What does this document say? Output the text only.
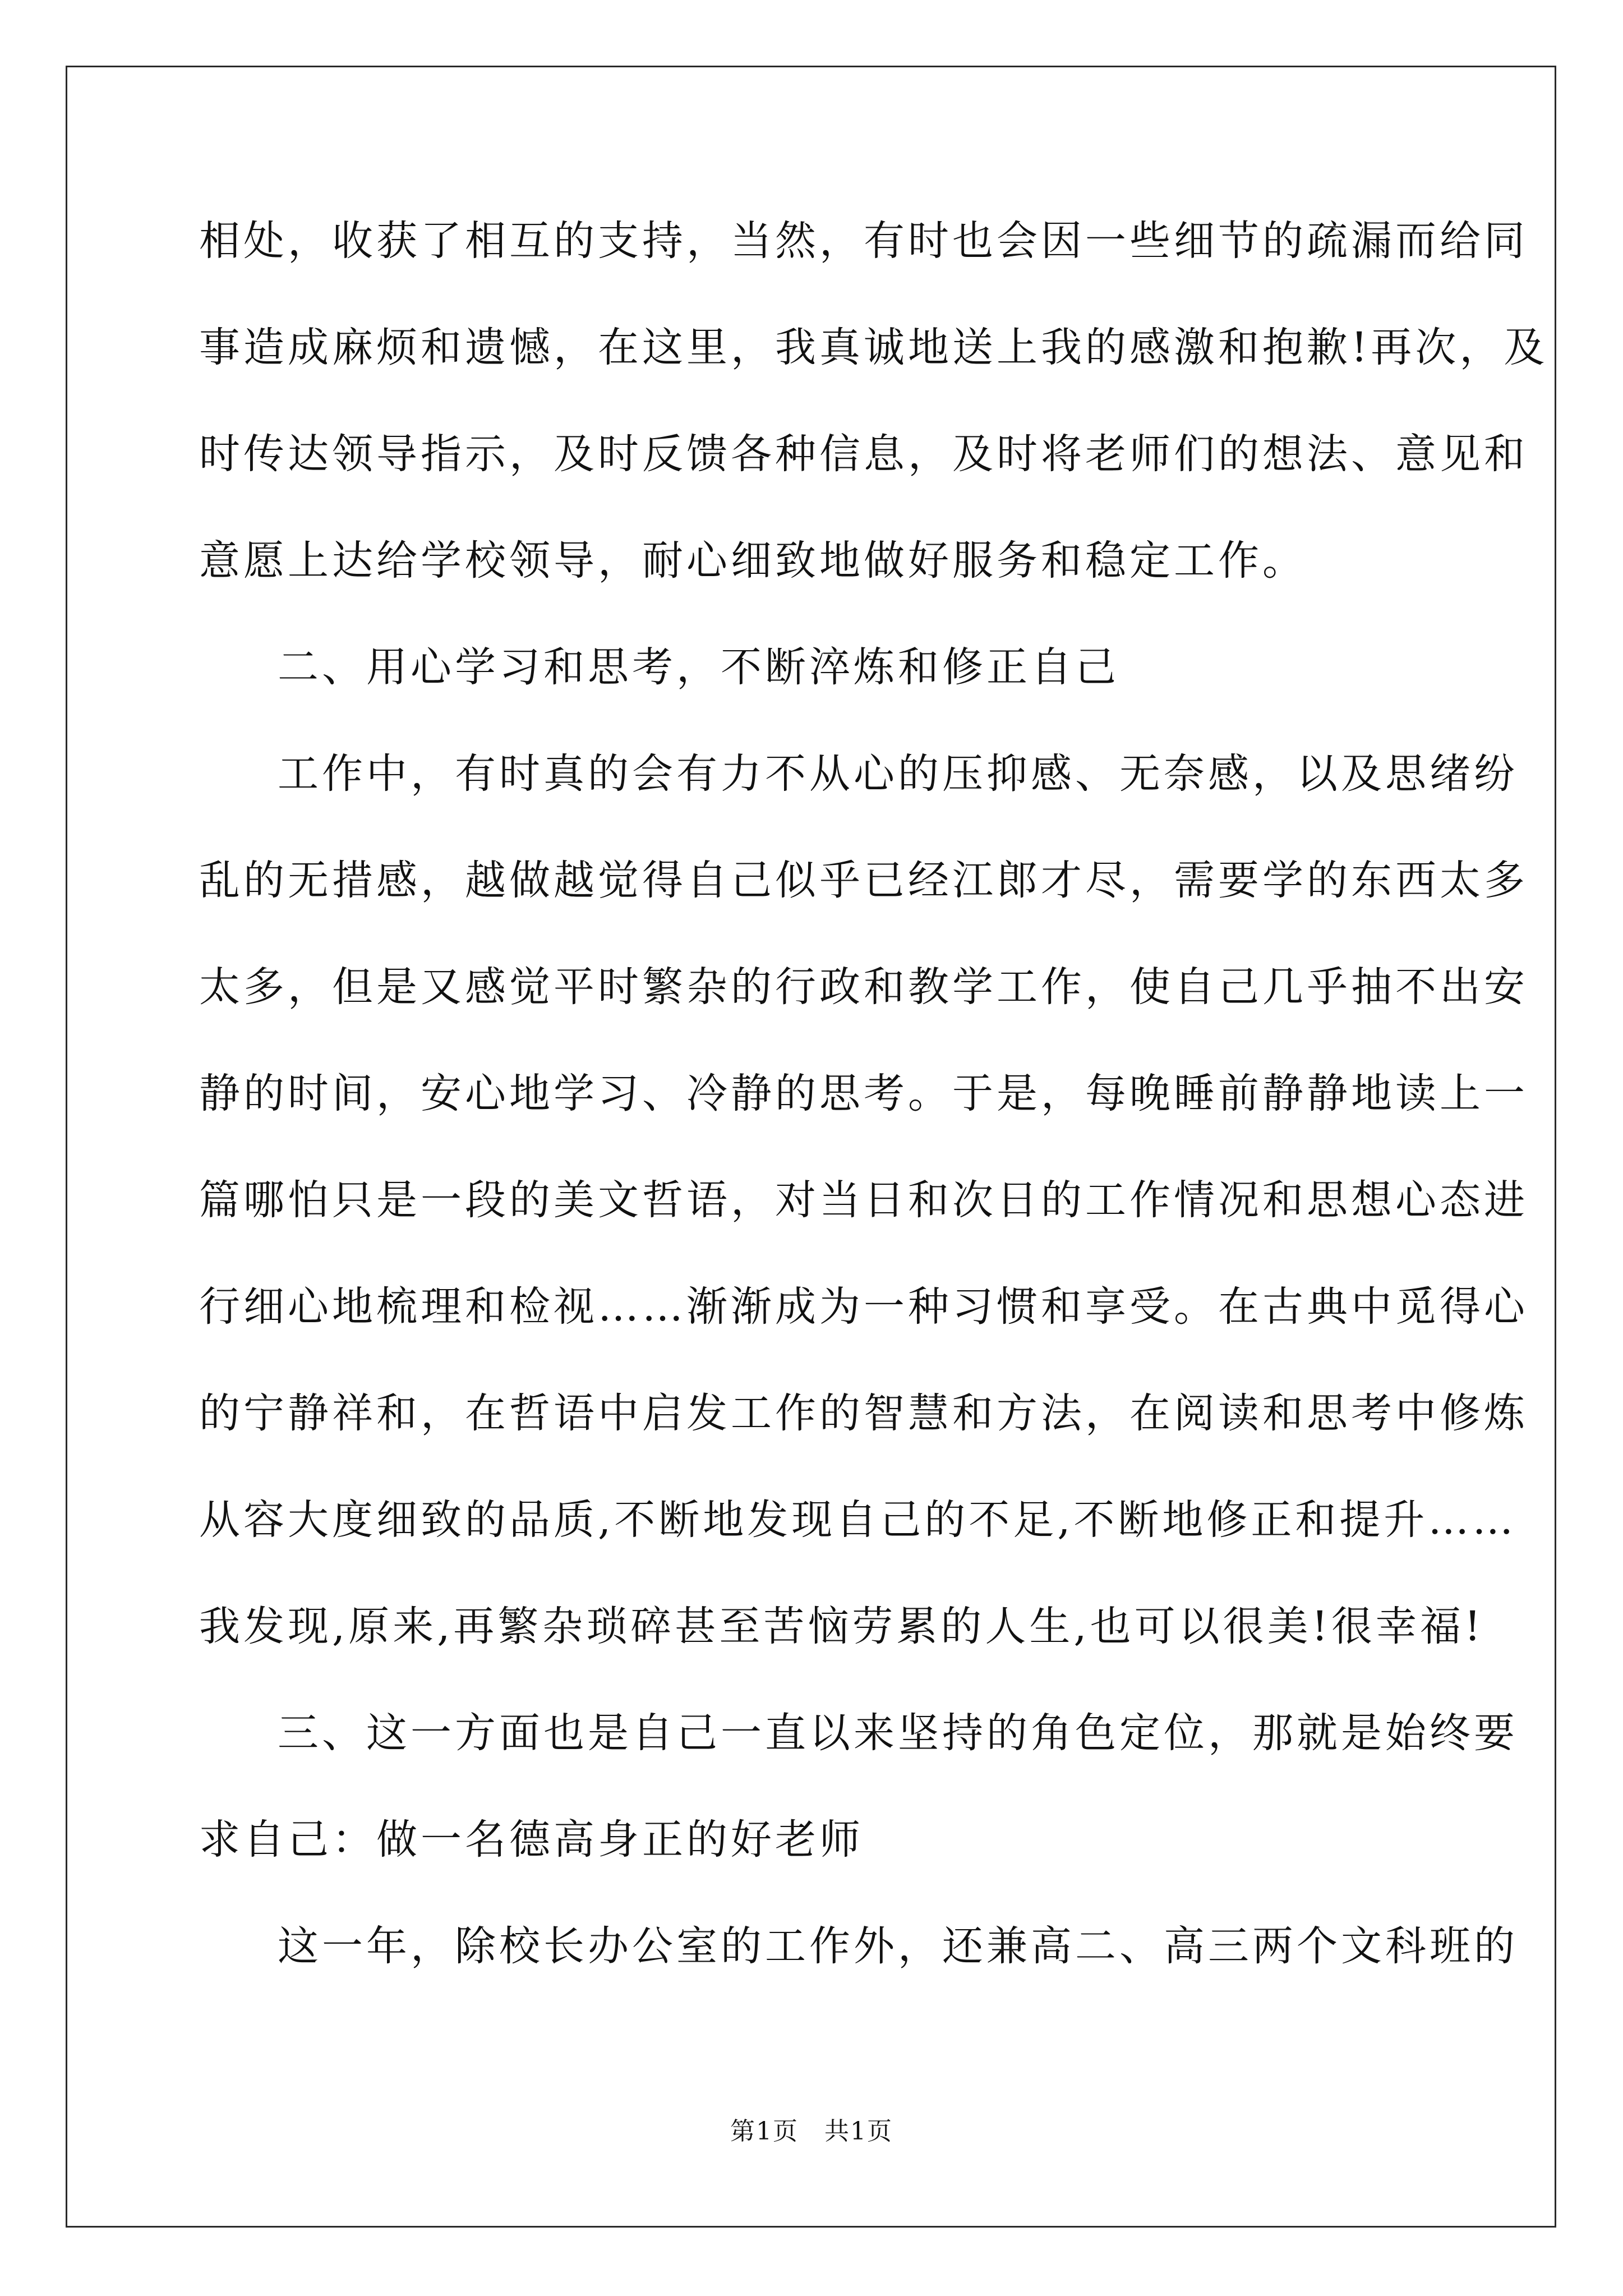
相处，收获了相互的支持，当然，有时也会因一些细节的疏漏而给同
事造成麻烦和遗憾，在这里，我真诚地送上我的感激和抱歉!再次，及
时传达领导指示，及时反馈各种信息，及时将老师们的想法、意见和
意愿上达给学校领导，耐心细致地做好服务和稳定工作。
二、用心学习和思考，不断淬炼和修正自己
工作中，有时真的会有力不从心的压抑感、无奈感，以及思绪纷
乱的无措感，越做越觉得自己似乎已经江郎才尽，需要学的东西太多
太多，但是又感觉平时繁杂的行政和教学工作，使自己几乎抽不出安
静的时间，安心地学习、冷静的思考。于是，每晚睡前静静地读上一
篇哪怕只是一段的美文哲语，对当日和次日的工作情况和思想心态进
行细心地梳理和检视……渐渐成为一种习惯和享受。在古典中觅得心
的宁静祥和，在哲语中启发工作的智慧和方法，在阅读和思考中修炼
从容大度细致的品质,不断地发现自己的不足,不断地修正和提升……
我发现,原来,再繁杂琐碎甚至苦恼劳累的人生,也可以很美!很幸福!
三、这一方面也是自己一直以来坚持的角色定位，那就是始终要
求自己：做一名德高身正的好老师
这一年，除校长办公室的工作外，还兼高二、高三两个文科班的
第1页　共1页
